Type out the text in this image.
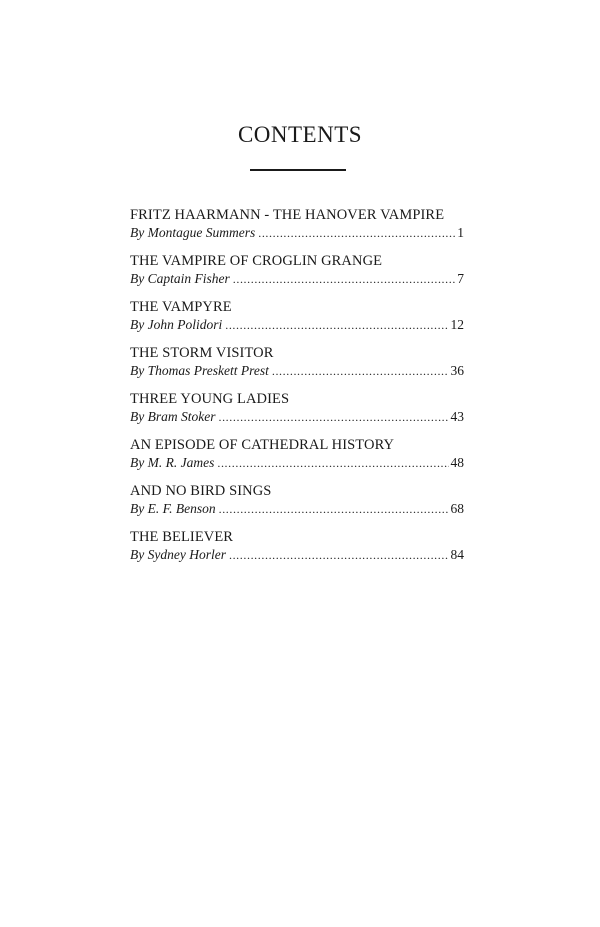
CONTENTS
FRITZ HAARMANN - THE HANOVER VAMPIRE
By Montague Summers . . .	1
THE VAMPIRE OF CROGLIN GRANGE
By Captain Fisher . . .	7
THE VAMPYRE
By John Polidori . . .	12
THE STORM VISITOR
By Thomas Preskett Prest . . .	36
THREE YOUNG LADIES
By Bram Stoker . . .	43
AN EPISODE OF CATHEDRAL HISTORY
By M. R. James . . .	48
AND NO BIRD SINGS
By E. F. Benson . . .	68
THE BELIEVER
By Sydney Horler . . .	84
